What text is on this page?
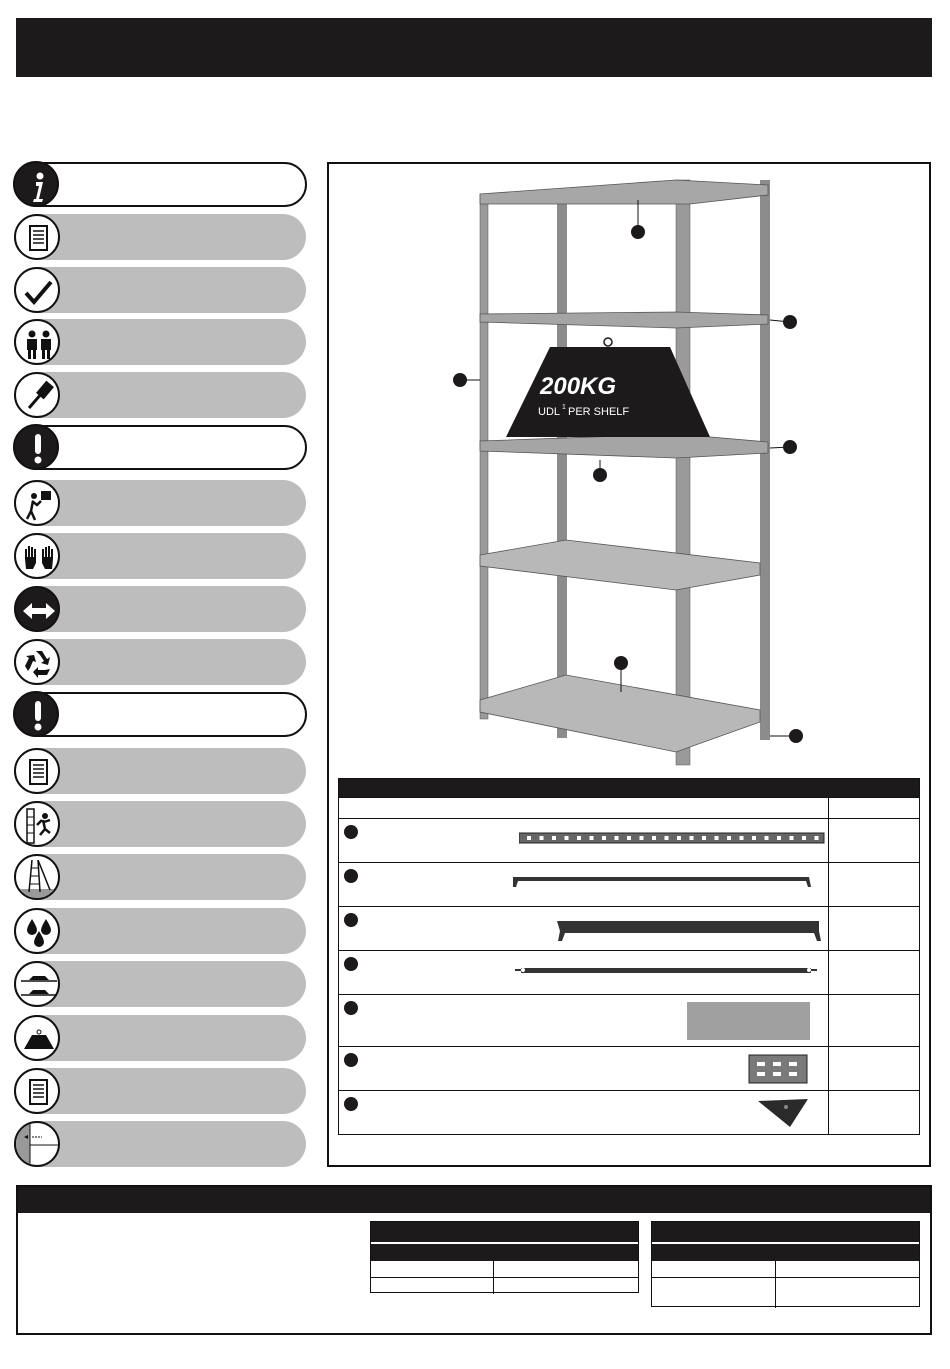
200KG
UDL 1 PER SHELF
